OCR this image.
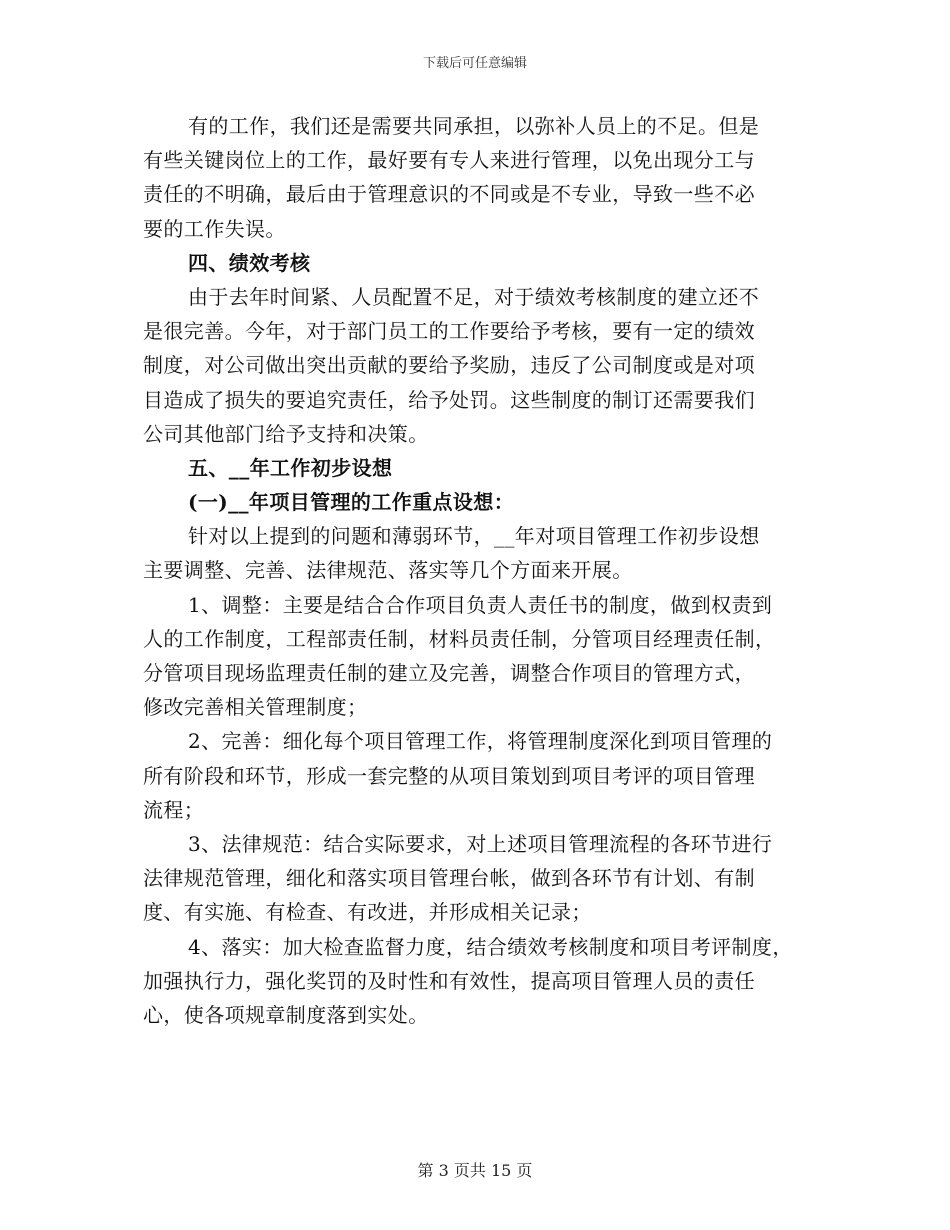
下载后可任意编辑
有的工作，我们还是需要共同承担，以弥补人员上的不足。但是
有些关键岗位上的工作，最好要有专人来进行管理，以免出现分工与
责任的不明确，最后由于管理意识的不同或是不专业，导致一些不必
要的工作失误。
四、绩效考核
由于去年时间紧、人员配置不足，对于绩效考核制度的建立还不
是很完善。今年，对于部门员工的工作要给予考核，要有一定的绩效
制度，对公司做出突出贡献的要给予奖励，违反了公司制度或是对项
目造成了损失的要追究责任，给予处罚。这些制度的制订还需要我们
公司其他部门给予支持和决策。
五、__年工作初步设想
(一)__年项目管理的工作重点设想：
针对以上提到的问题和薄弱环节，__年对项目管理工作初步设想
主要调整、完善、法律规范、落实等几个方面来开展。
1、调整：主要是结合合作项目负责人责任书的制度，做到权责到
人的工作制度，工程部责任制，材料员责任制，分管项目经理责任制，
分管项目现场监理责任制的建立及完善，调整合作项目的管理方式，
修改完善相关管理制度；
2、完善：细化每个项目管理工作，将管理制度深化到项目管理的
所有阶段和环节，形成一套完整的从项目策划到项目考评的项目管理
流程；
3、法律规范：结合实际要求，对上述项目管理流程的各环节进行
法律规范管理，细化和落实项目管理台帐，做到各环节有计划、有制
度、有实施、有检查、有改进，并形成相关记录；
4、落实：加大检查监督力度，结合绩效考核制度和项目考评制度，
加强执行力，强化奖罚的及时性和有效性，提高项目管理人员的责任
心，使各项规章制度落到实处。
第 3 页共 15 页
